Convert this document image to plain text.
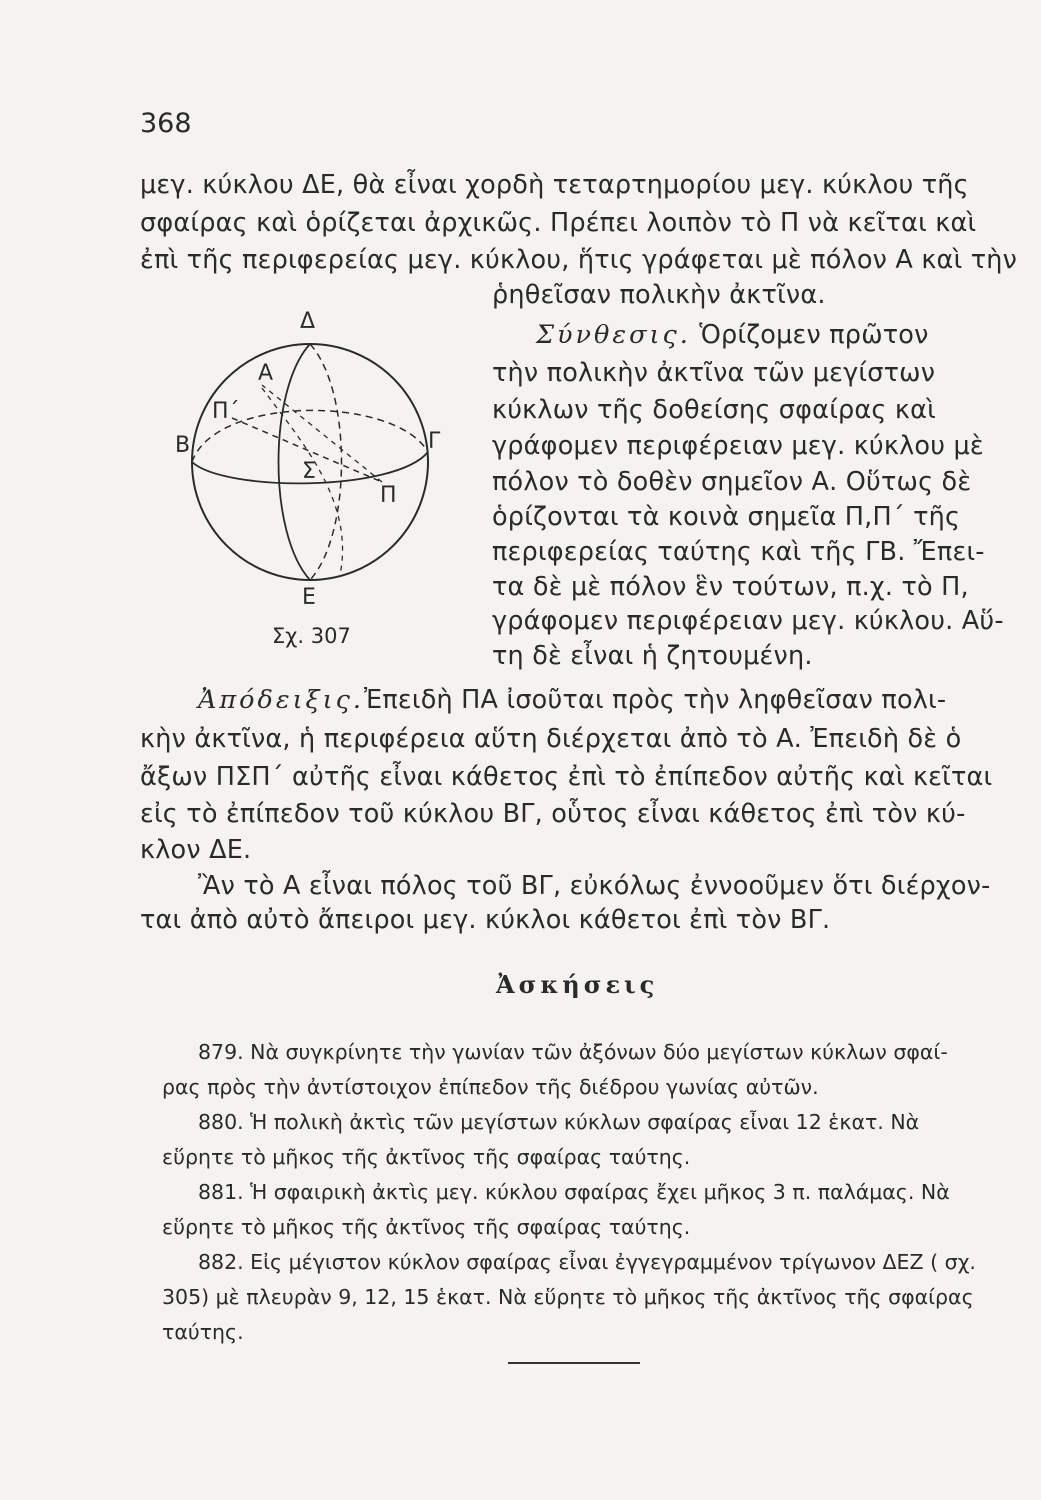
368
μεγ. κύκλου ΔΕ, θὰ εἶναι χορδὴ τεταρτημορίου μεγ. κύκλου τῆς
σφαίρας καὶ ὁρίζεται ἀρχικῶς. Πρέπει λοιπὸν τὸ Π νὰ κεῖται καὶ
ἐπὶ τῆς περιφερείας μεγ. κύκλου, ἥτις γράφεται μὲ πόλον Α καὶ τὴν
ῥηθεῖσαν πολικὴν ἀκτῖνα.
Δ
Α
Π΄
Β	Γ
Σ
Π
Ε
Σχ. 307
Σύνθεσις. Ὁρίζομεν πρῶτον
τὴν πολικὴν ἀκτῖνα τῶν μεγίστων
κύκλων τῆς δοθείσης σφαίρας καὶ
γράφομεν περιφέρειαν μεγ. κύκλου μὲ
πόλον τὸ δοθὲν σημεῖον Α. Οὕτως δὲ
ὁρίζονται τὰ κοινὰ σημεῖα Π,Π΄ τῆς
περιφερείας ταύτης καὶ τῆς ΓΒ. Ἔπει-
τα δὲ μὲ πόλον ἓν τούτων, π.χ. τὸ Π,
γράφομεν περιφέρειαν μεγ. κύκλου. Αὕ-
τη δὲ εἶναι ἡ ζητουμένη.
Ἀπόδειξις.Ἐπειδὴ ΠΑ ἰσοῦται πρὸς τὴν ληφθεῖσαν πολι-
κὴν ἀκτῖνα, ἡ περιφέρεια αὕτη διέρχεται ἀπὸ τὸ Α. Ἐπειδὴ δὲ ὁ
ἄξων ΠΣΠ΄ αὐτῆς εἶναι κάθετος ἐπὶ τὸ ἐπίπεδον αὐτῆς καὶ κεῖται
εἰς τὸ ἐπίπεδον τοῦ κύκλου ΒΓ, οὗτος εἶναι κάθετος ἐπὶ τὸν κύ-
κλον ΔΕ.
Ἂν τὸ Α εἶναι πόλος τοῦ ΒΓ, εὐκόλως ἐννοοῦμεν ὅτι διέρχον-
ται ἀπὸ αὐτὸ ἄπειροι μεγ. κύκλοι κάθετοι ἐπὶ τὸν ΒΓ.
Ἀσκήσεις
879. Νὰ συγκρίνητε τὴν γωνίαν τῶν ἀξόνων δύο μεγίστων κύκλων σφαί-
ρας πρὸς τὴν ἀντίστοιχον ἐπίπεδον τῆς διέδρου γωνίας αὐτῶν.
880. Ἡ πολικὴ ἀκτὶς τῶν μεγίστων κύκλων σφαίρας εἶναι 12 ἑκατ. Νὰ
εὕρητε τὸ μῆκος τῆς ἀκτῖνος τῆς σφαίρας ταύτης.
881. Ἡ σφαιρικὴ ἀκτὶς μεγ. κύκλου σφαίρας ἔχει μῆκος 3 π. παλάμας. Νὰ
εὕρητε τὸ μῆκος τῆς ἀκτῖνος τῆς σφαίρας ταύτης.
882. Εἰς μέγιστον κύκλον σφαίρας εἶναι ἐγγεγραμμένον τρίγωνον ΔΕΖ ( σχ.
305) μὲ πλευρὰν 9, 12, 15 ἑκατ. Νὰ εὕρητε τὸ μῆκος τῆς ἀκτῖνος τῆς σφαίρας
ταύτης.
